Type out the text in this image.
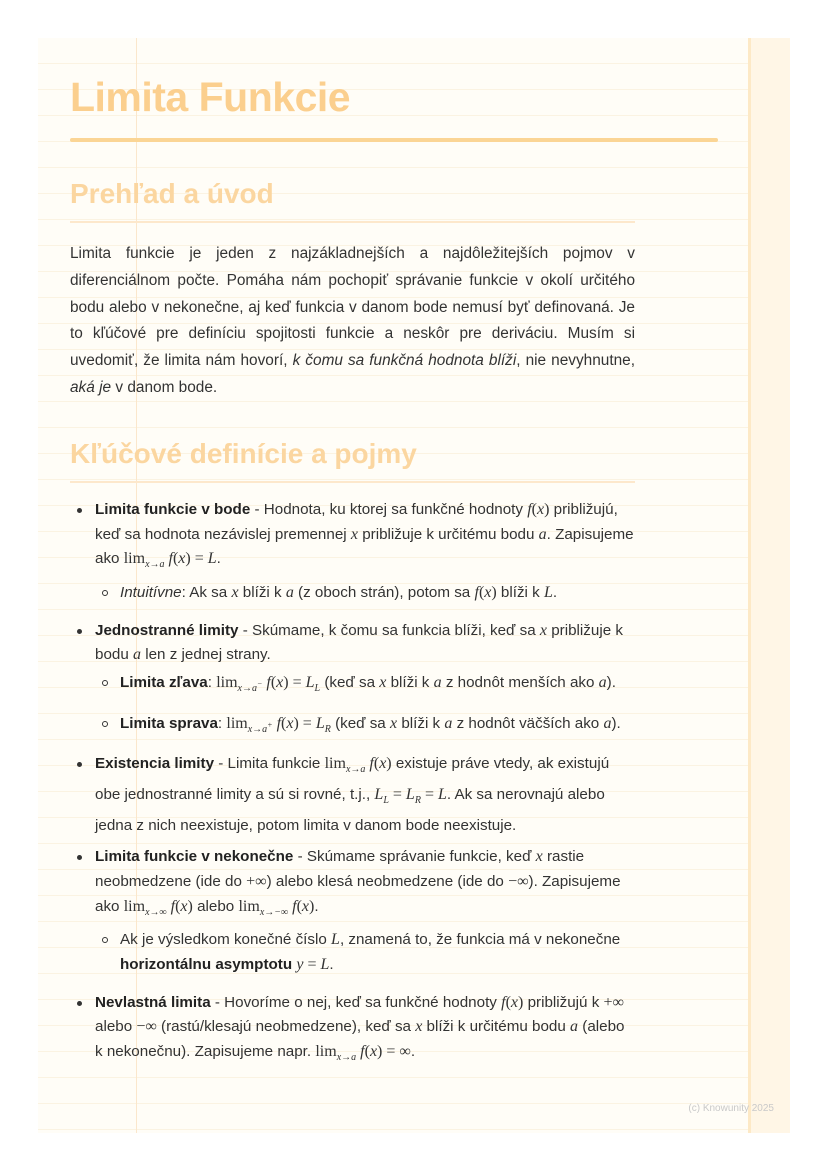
Limita Funkcie
Prehľad a úvod

Limita funkcie je jeden z najzákladnejších a najdôležitejších pojmov v diferenciálnom počte. Pomáha nám pochopiť správanie funkcie v okolí určitého bodu alebo v nekonečne, aj keď funkcia v danom bode nemusí byť definovaná. Je to kľúčové pre definíciu spojitosti funkcie a neskôr pre deriváciu. Musím si uvedomiť, že limita nám hovorí, k čomu sa funkčná hodnota blíži, nie nevyhnutne, aká je v danom bode.

Kľúčové definície a pojmy
Limita funkcie v bode - Hodnota, ku ktorej sa funkčné hodnoty f(x) približujú, keď sa hodnota nezávislej premennej x približuje k určitému bodu a. Zapisujeme ako $\lim_{x\to a} f(x) = L$.
Intuitívne: Ak sa x blíži k a (z oboch strán), potom sa f(x) blíži k L.
Jednostranné limity - Skúmame, k čomu sa funkcia blíži, keď sa x približuje k bodu a len z jednej strany.
Limita zľava: $\lim_{x\to a^-} f(x) = L_L$ (keď sa x blíži k a z hodnôt menších ako a).
Limita sprava: $\lim_{x\to a^+} f(x) = L_R$ (keď sa x blíži k a z hodnôt väčších ako a).
Existencia limity - Limita funkcie $\lim_{x\to a} f(x)$ existuje práve vtedy, ak existujú obe jednostranné limity a sú si rovné, t.j., $L_L = L_R = L$. Ak sa nerovnajú alebo jedna z nich neexistuje, potom limita v danom bode neexistuje.
Limita funkcie v nekonečne - Skúmame správanie funkcie, keď x rastie neobmedzene (ide do +∞) alebo klesá neobmedzene (ide do −∞). Zapisujeme ako $\lim_{x\to\infty} f(x)$ alebo $\lim_{x\to-\infty} f(x)$.
Ak je výsledkom konečné číslo L, znamená to, že funkcia má v nekonečne horizontálnu asymptotu y = L.
Nevlastná limita - Hovoríme o nej, keď sa funkčné hodnoty f(x) približujú k +∞ alebo −∞ (rastú/klesajú neobmedzene), keď sa x blíži k určitému bodu a (alebo k nekonečnu). Zapisujeme napr. $\lim_{x\to a} f(x)$ = ∞.
(c) Knowunity 2025
